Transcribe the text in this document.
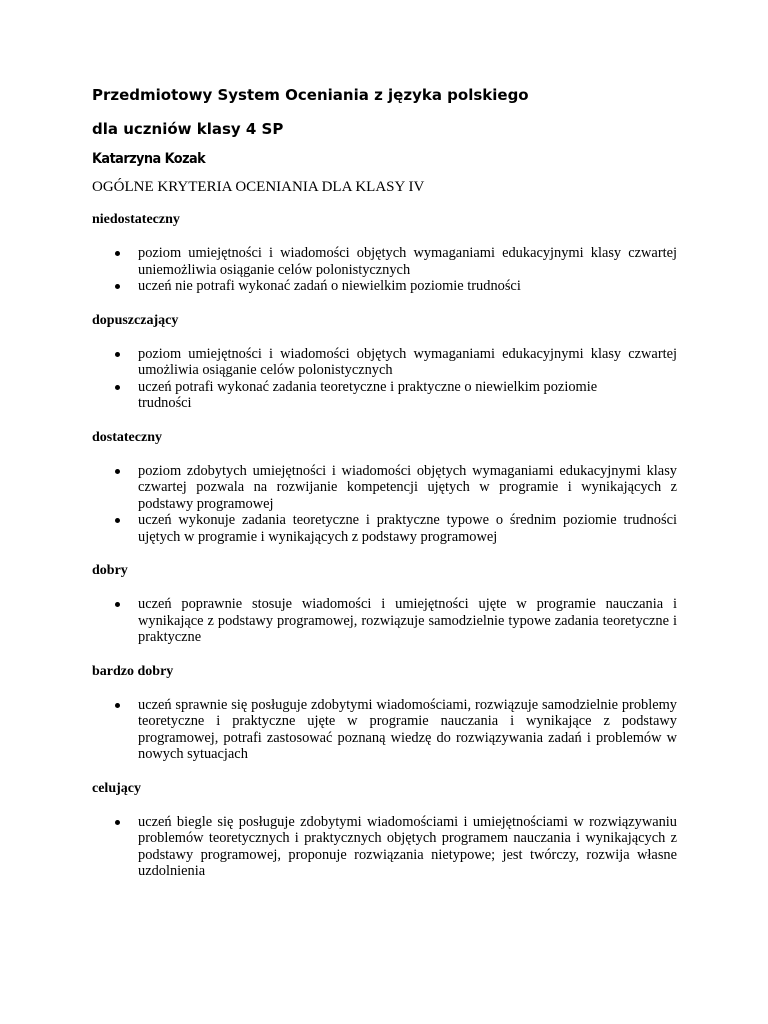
Przedmiotowy System Oceniania z języka polskiego

dla uczniów klasy 4 SP

Katarzyna Kozak

OGÓLNE KRYTERIA OCENIANIA DLA KLASY IV

niedostateczny

poziom umiejętności i wiadomości objętych wymaganiami edukacyjnymi klasy czwartej uniemożliwia osiąganie celów polonistycznych
uczeń nie potrafi wykonać zadań o niewielkim poziomie trudności

dopuszczający

poziom umiejętności i wiadomości objętych wymaganiami edukacyjnymi klasy czwartej umożliwia osiąganie celów polonistycznych
uczeń potrafi wykonać zadania teoretyczne i praktyczne o niewielkim poziomie trudności

dostateczny

poziom zdobytych umiejętności i wiadomości objętych wymaganiami edukacyjnymi klasy czwartej pozwala na rozwijanie kompetencji ujętych w programie i wynikających z podstawy programowej
uczeń wykonuje zadania teoretyczne i praktyczne typowe o średnim poziomie trudności ujętych w programie i wynikających z podstawy programowej

dobry

uczeń poprawnie stosuje wiadomości i umiejętności ujęte w programie nauczania i wynikające z podstawy programowej, rozwiązuje samodzielnie typowe zadania teoretyczne i praktyczne

bardzo dobry

uczeń sprawnie się posługuje zdobytymi wiadomościami, rozwiązuje samodzielnie problemy teoretyczne i praktyczne ujęte w programie nauczania i wynikające z podstawy programowej, potrafi zastosować poznaną wiedzę do rozwiązywania zadań i problemów w nowych sytuacjach

celujący

uczeń biegle się posługuje zdobytymi wiadomościami i umiejętnościami w rozwiązywaniu problemów teoretycznych i praktycznych objętych programem nauczania i wynikających z podstawy programowej, proponuje rozwiązania nietypowe; jest twórczy, rozwija własne uzdolnienia
